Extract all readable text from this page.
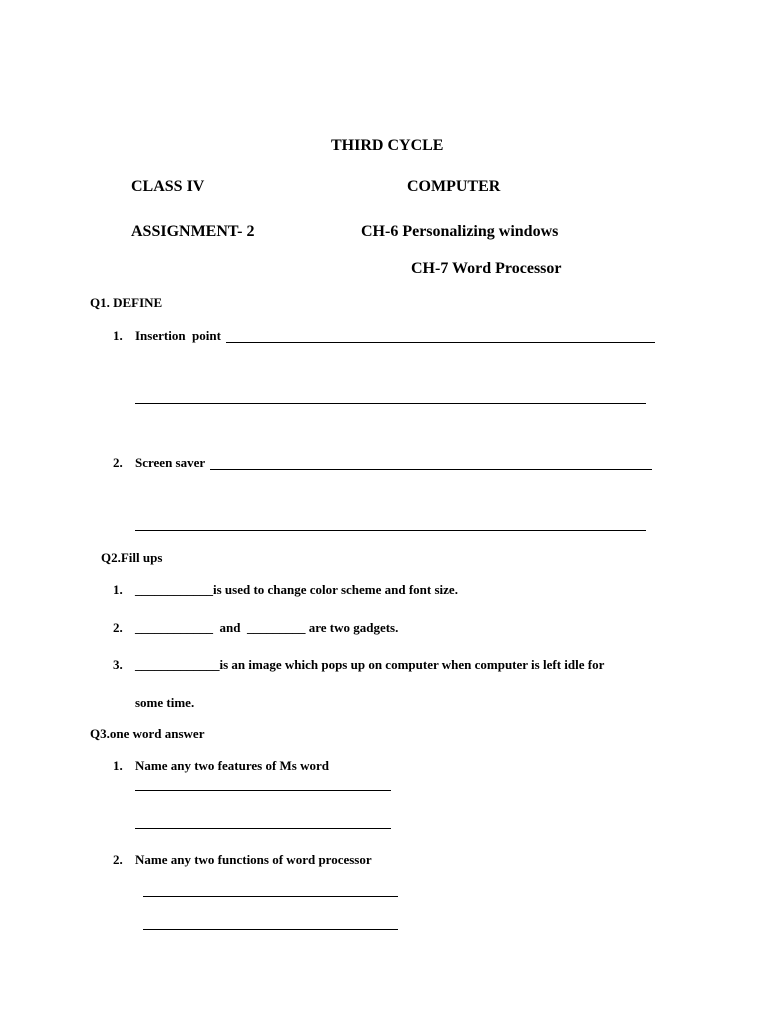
THIRD CYCLE
CLASS IV	COMPUTER
ASSIGNMENT- 2	CH-6 Personalizing windows
CH-7 Word Processor
Q1. DEFINE
1. Insertion  point
2. Screen saver
Q2.Fill ups
1. ____________is used to change color scheme and font size.
2. ____________  and  _________ are two gadgets.
3. _____________is an image which pops up on computer when computer is left idle for
some time.
Q3.one word answer
1. Name any two features of Ms word
2. Name any two functions of word processor
